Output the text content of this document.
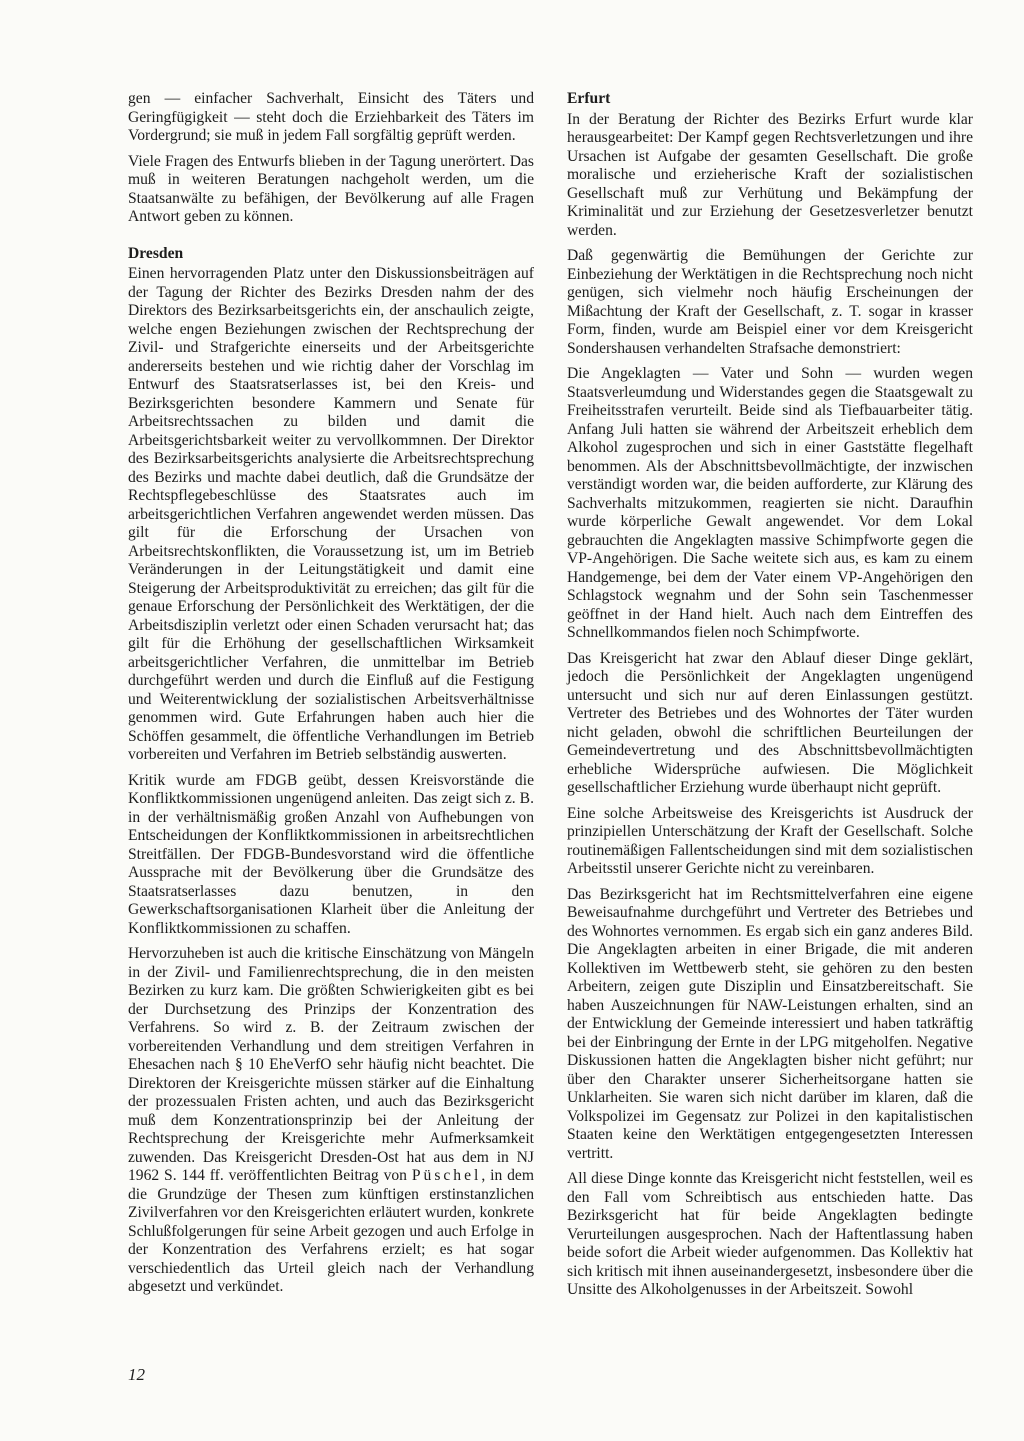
gen — einfacher Sachverhalt, Einsicht des Täters und Geringfügigkeit — steht doch die Erziehbarkeit des Täters im Vordergrund; sie muß in jedem Fall sorgfältig geprüft werden.

Viele Fragen des Entwurfs blieben in der Tagung unerörtert. Das muß in weiteren Beratungen nachgeholt werden, um die Staatsanwälte zu befähigen, der Bevölkerung auf alle Fragen Antwort geben zu können.

Dresden

Einen hervorragenden Platz unter den Diskussionsbeiträgen auf der Tagung der Richter des Bezirks Dresden nahm der des Direktors des Bezirksarbeitsgerichts ein, der anschaulich zeigte, welche engen Beziehungen zwischen der Rechtsprechung der Zivil- und Strafgerichte einerseits und der Arbeitsgerichte andererseits bestehen und wie richtig daher der Vorschlag im Entwurf des Staatsratserlasses ist, bei den Kreis- und Bezirksgerichten besondere Kammern und Senate für Arbeitsrechtssachen zu bilden und damit die Arbeitsgerichtsbarkeit weiter zu vervollkommnen. Der Direktor des Bezirksarbeitsgerichts analysierte die Arbeitsrechtsprechung des Bezirks und machte dabei deutlich, daß die Grundsätze der Rechtspflegebeschlüsse des Staatsrates auch im arbeitsgerichtlichen Verfahren angewendet werden müssen. Das gilt für die Erforschung der Ursachen von Arbeitsrechtskonflikten, die Voraussetzung ist, um im Betrieb Veränderungen in der Leitungstätigkeit und damit eine Steigerung der Arbeitsproduktivität zu erreichen; das gilt für die genaue Erforschung der Persönlichkeit des Werktätigen, der die Arbeitsdisziplin verletzt oder einen Schaden verursacht hat; das gilt für die Erhöhung der gesellschaftlichen Wirksamkeit arbeitsgerichtlicher Verfahren, die unmittelbar im Betrieb durchgeführt werden und durch die Einfluß auf die Festigung und Weiterentwicklung der sozialistischen Arbeitsverhältnisse genommen wird. Gute Erfahrungen haben auch hier die Schöffen gesammelt, die öffentliche Verhandlungen im Betrieb vorbereiten und Verfahren im Betrieb selbständig auswerten.

Kritik wurde am FDGB geübt, dessen Kreisvorstände die Konfliktkommissionen ungenügend anleiten. Das zeigt sich z. B. in der verhältnismäßig großen Anzahl von Aufhebungen von Entscheidungen der Konfliktkommissionen in arbeitsrechtlichen Streitfällen. Der FDGB-Bundesvorstand wird die öffentliche Aussprache mit der Bevölkerung über die Grundsätze des Staatsratserlasses dazu benutzen, in den Gewerkschaftsorganisationen Klarheit über die Anleitung der Konfliktkommissionen zu schaffen.

Hervorzuheben ist auch die kritische Einschätzung von Mängeln in der Zivil- und Familienrechtsprechung, die in den meisten Bezirken zu kurz kam. Die größten Schwierigkeiten gibt es bei der Durchsetzung des Prinzips der Konzentration des Verfahrens. So wird z. B. der Zeitraum zwischen der vorbereitenden Verhandlung und dem streitigen Verfahren in Ehesachen nach § 10 EheVerfO sehr häufig nicht beachtet. Die Direktoren der Kreisgerichte müssen stärker auf die Einhaltung der prozessualen Fristen achten, und auch das Bezirksgericht muß dem Konzentrationsprinzip bei der Anleitung der Rechtsprechung der Kreisgerichte mehr Aufmerksamkeit zuwenden. Das Kreisgericht Dresden-Ost hat aus dem in NJ 1962 S. 144 ff. veröffentlichten Beitrag von Püschel, in dem die Grundzüge der Thesen zum künftigen erstinstanzlichen Zivilverfahren vor den Kreisgerichten erläutert wurden, konkrete Schlußfolgerungen für seine Arbeit gezogen und auch Erfolge in der Konzentration des Verfahrens erzielt; es hat sogar verschiedentlich das Urteil gleich nach der Verhandlung abgesetzt und verkündet.

Erfurt

In der Beratung der Richter des Bezirks Erfurt wurde klar herausgearbeitet: Der Kampf gegen Rechtsverletzungen und ihre Ursachen ist Aufgabe der gesamten Gesellschaft. Die große moralische und erzieherische Kraft der sozialistischen Gesellschaft muß zur Verhütung und Bekämpfung der Kriminalität und zur Erziehung der Gesetzesverletzer benutzt werden.

Daß gegenwärtig die Bemühungen der Gerichte zur Einbeziehung der Werktätigen in die Rechtsprechung noch nicht genügen, sich vielmehr noch häufig Erscheinungen der Mißachtung der Kraft der Gesellschaft, z. T. sogar in krasser Form, finden, wurde am Beispiel einer vor dem Kreisgericht Sondershausen verhandelten Strafsache demonstriert:

Die Angeklagten — Vater und Sohn — wurden wegen Staatsverleumdung und Widerstandes gegen die Staatsgewalt zu Freiheitsstrafen verurteilt. Beide sind als Tiefbauarbeiter tätig. Anfang Juli hatten sie während der Arbeitszeit erheblich dem Alkohol zugesprochen und sich in einer Gaststätte flegelhaft benommen. Als der Abschnittsbevollmächtigte, der inzwischen verständigt worden war, die beiden aufforderte, zur Klärung des Sachverhalts mitzukommen, reagierten sie nicht. Daraufhin wurde körperliche Gewalt angewendet. Vor dem Lokal gebrauchten die Angeklagten massive Schimpfworte gegen die VP-Angehörigen. Die Sache weitete sich aus, es kam zu einem Handgemenge, bei dem der Vater einem VP-Angehörigen den Schlagstock wegnahm und der Sohn sein Taschenmesser geöffnet in der Hand hielt. Auch nach dem Eintreffen des Schnellkommandos fielen noch Schimpfworte.

Das Kreisgericht hat zwar den Ablauf dieser Dinge geklärt, jedoch die Persönlichkeit der Angeklagten ungenügend untersucht und sich nur auf deren Einlassungen gestützt. Vertreter des Betriebes und des Wohnortes der Täter wurden nicht geladen, obwohl die schriftlichen Beurteilungen der Gemeindevertretung und des Abschnittsbevollmächtigten erhebliche Widersprüche aufwiesen. Die Möglichkeit gesellschaftlicher Erziehung wurde überhaupt nicht geprüft.

Eine solche Arbeitsweise des Kreisgerichts ist Ausdruck der prinzipiellen Unterschätzung der Kraft der Gesellschaft. Solche routinemäßigen Fallentscheidungen sind mit dem sozialistischen Arbeitsstil unserer Gerichte nicht zu vereinbaren.

Das Bezirksgericht hat im Rechtsmittelverfahren eine eigene Beweisaufnahme durchgeführt und Vertreter des Betriebes und des Wohnortes vernommen. Es ergab sich ein ganz anderes Bild. Die Angeklagten arbeiten in einer Brigade, die mit anderen Kollektiven im Wettbewerb steht, sie gehören zu den besten Arbeitern, zeigen gute Disziplin und Einsatzbereitschaft. Sie haben Auszeichnungen für NAW-Leistungen erhalten, sind an der Entwicklung der Gemeinde interessiert und haben tatkräftig bei der Einbringung der Ernte in der LPG mitgeholfen. Negative Diskussionen hatten die Angeklagten bisher nicht geführt; nur über den Charakter unserer Sicherheitsorgane hatten sie Unklarheiten. Sie waren sich nicht darüber im klaren, daß die Volkspolizei im Gegensatz zur Polizei in den kapitalistischen Staaten keine den Werktätigen entgegengesetzten Interessen vertritt.

All diese Dinge konnte das Kreisgericht nicht feststellen, weil es den Fall vom Schreibtisch aus entschieden hatte. Das Bezirksgericht hat für beide Angeklagten bedingte Verurteilungen ausgesprochen. Nach der Haftentlassung haben beide sofort die Arbeit wieder aufgenommen. Das Kollektiv hat sich kritisch mit ihnen auseinandergesetzt, insbesondere über die Unsitte des Alkoholgenusses in der Arbeitszeit. Sowohl

12
